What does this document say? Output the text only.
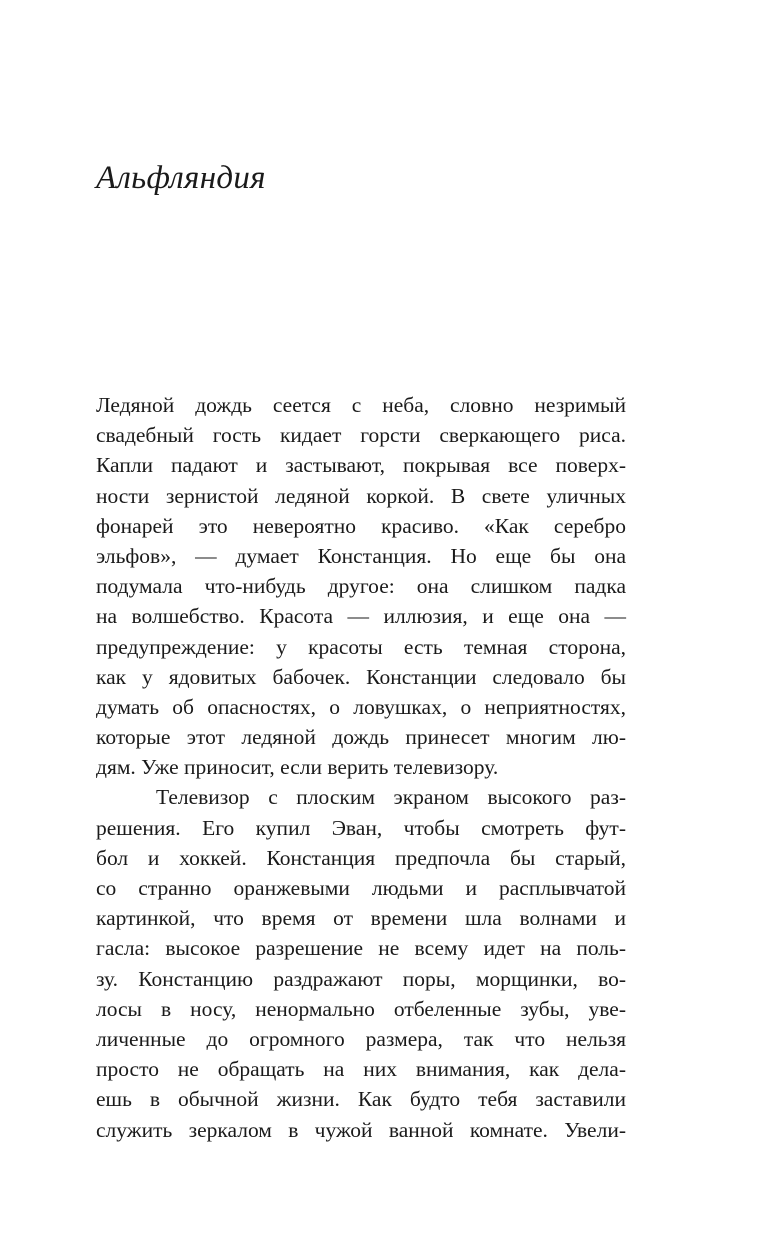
Альфляндия

Ледяной дождь сеется с неба, словно незримый
свадебный гость кидает горсти сверкающего риса.
Капли падают и застывают, покрывая все поверх-
ности зернистой ледяной коркой. В свете уличных
фонарей это невероятно красиво. «Как серебро
эльфов», — думает Констанция. Но еще бы она
подумала что-нибудь другое: она слишком падка
на волшебство. Красота — иллюзия, и еще она —
предупреждение: у красоты есть темная сторона,
как у ядовитых бабочек. Констанции следовало бы
думать об опасностях, о ловушках, о неприятностях,
которые этот ледяной дождь принесет многим лю-
дям. Уже приносит, если верить телевизору.

Телевизор с плоским экраном высокого раз-
решения. Его купил Эван, чтобы смотреть фут-
бол и хоккей. Констанция предпочла бы старый,
со странно оранжевыми людьми и расплывчатой
картинкой, что время от времени шла волнами и
гасла: высокое разрешение не всему идет на поль-
зу. Констанцию раздражают поры, морщинки, во-
лосы в носу, ненормально отбеленные зубы, уве-
личенные до огромного размера, так что нельзя
просто не обращать на них внимания, как дела-
ешь в обычной жизни. Как будто тебя заставили
служить зеркалом в чужой ванной комнате. Увели-
